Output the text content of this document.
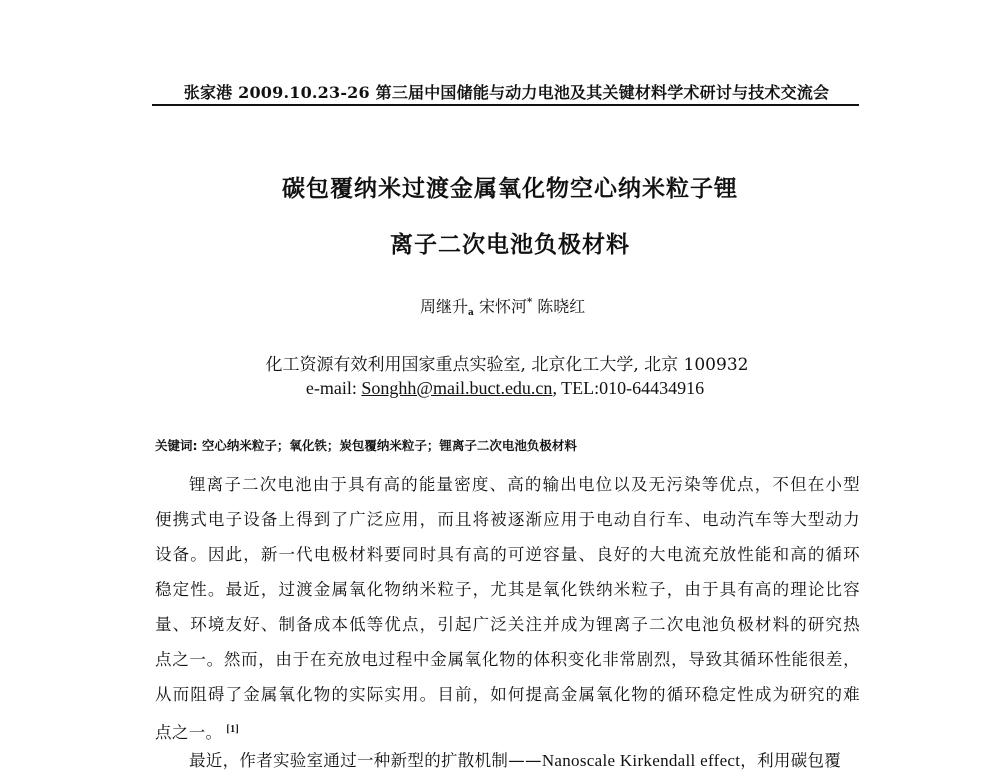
张家港 2009.10.23-26 第三届中国储能与动力电池及其关键材料学术研讨与技术交流会
碳包覆纳米过渡金属氧化物空心纳米粒子锂
离子二次电池负极材料
周继升$_a$ 宋怀河* 陈晓红
化工资源有效利用国家重点实验室, 北京化工大学, 北京 100932
e-mail: Songhh@mail.buct.edu.cn, TEL:010-64434916
关键词: 空心纳米粒子；氧化铁；炭包覆纳米粒子；锂离子二次电池负极材料
锂离子二次电池由于具有高的能量密度、高的输出电位以及无污染等优点，不但在小型
便携式电子设备上得到了广泛应用，而且将被逐渐应用于电动自行车、电动汽车等大型动力
设备。因此，新一代电极材料要同时具有高的可逆容量、良好的大电流充放性能和高的循环
稳定性。最近，过渡金属氧化物纳米粒子，尤其是氧化铁纳米粒子，由于具有高的理论比容
量、环境友好、制备成本低等优点，引起广泛关注并成为锂离子二次电池负极材料的研究热
点之一。然而，由于在充放电过程中金属氧化物的体积变化非常剧烈，导致其循环性能很差，
从而阻碍了金属氧化物的实际实用。目前，如何提高金属氧化物的循环稳定性成为研究的难
点之一。 [1]
最近，作者实验室通过一种新型的扩散机制——Nanoscale Kirkendall effect，利用碳包覆
